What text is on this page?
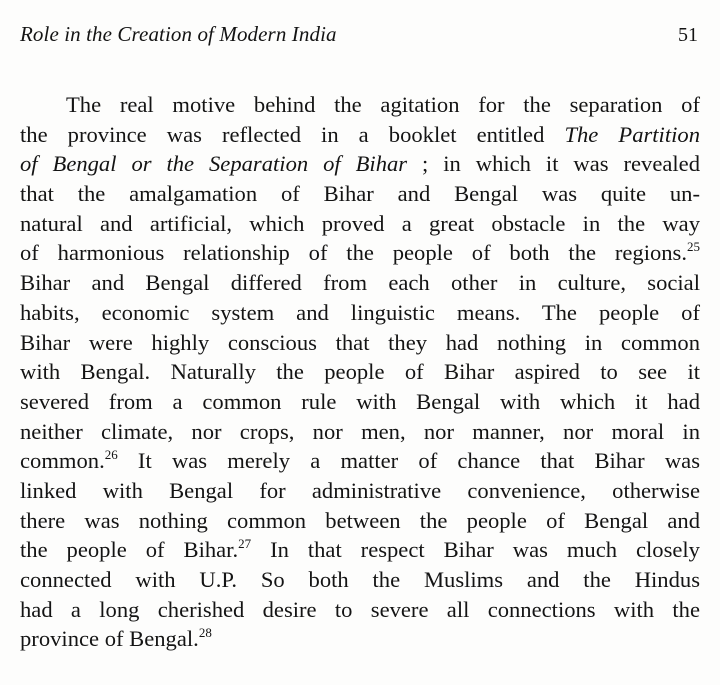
Role in the Creation of Modern India	51
The real motive behind the agitation for the separation of
the province was reflected in a booklet entitled The Partition
of Bengal or the Separation of Bihar ; in which it was revealed
that the amalgamation of Bihar and Bengal was quite un-
natural and artificial, which proved a great obstacle in the way
of harmonious relationship of the people of both the regions.$^{25}$
Bihar and Bengal differed from each other in culture, social
habits, economic system and linguistic means. The people of
Bihar were highly conscious that they had nothing in common
with Bengal. Naturally the people of Bihar aspired to see it
severed from a common rule with Bengal with which it had
neither climate, nor crops, nor men, nor manner, nor moral in
common.$^{26}$ It was merely a matter of chance that Bihar was
linked with Bengal for administrative convenience, otherwise
there was nothing common between the people of Bengal and
the people of Bihar.$^{27}$ In that respect Bihar was much closely
connected with U.P. So both the Muslims and the Hindus
had a long cherished desire to severe all connections with the
province of Bengal.$^{28}$
